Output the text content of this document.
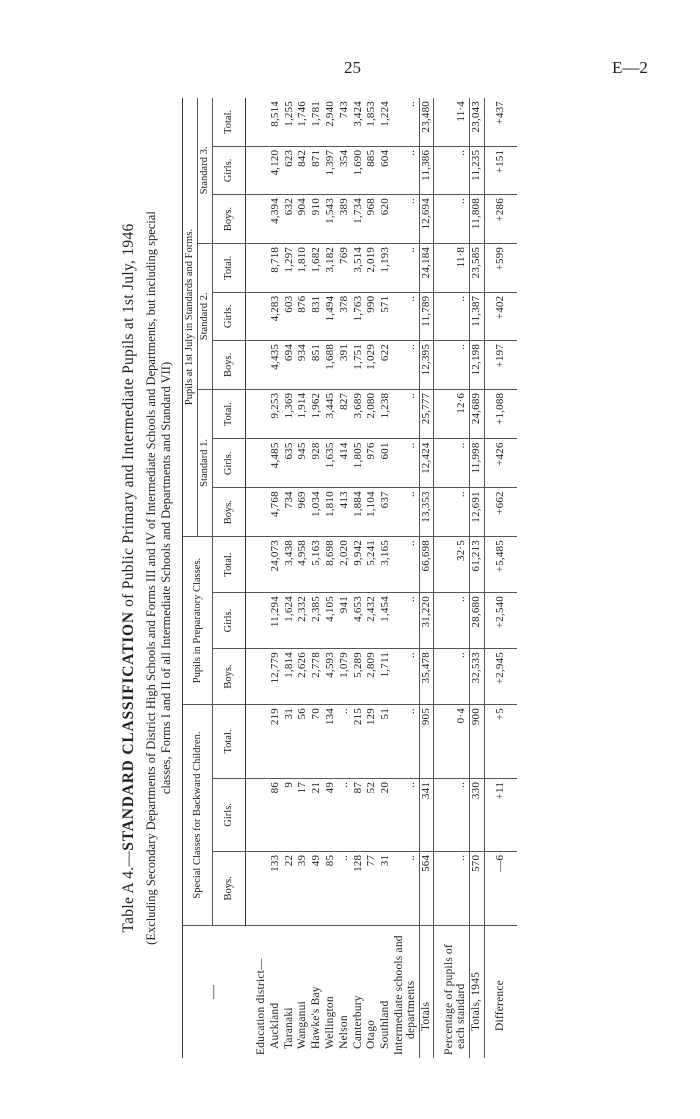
25	E—2
Table A 4.—STANDARD CLASSIFICATION of Public Primary and Intermediate Pupils at 1st July, 1946 (Excluding Secondary Departments of District High Schools and Forms III and IV of Intermediate Schools and Departments, but including special classes, Forms I and II of all Intermediate Schools and Departments and Standard VII)
—	Special Classes for Backward Children.			Pupils in Preparatory Classes.			Pupils at 1st July in Standards and Forms.								
							Standard 1.			Standard 2.			Standard 3.		
	Boys.	Girls.	Total.	Boys.	Girls.	Total.	Boys.	Girls.	Total.	Boys.	Girls.	Total.	Boys.	Girls.	Total.

Education district—															

Auckland	133	86	219	12,779	11,294	24,073	4,768	4,485	9,253	4,435	4,283	8,718	4,394	4,120	8,514

Taranaki	22	9	31	1,814	1,624	3,438	734	635	1,369	694	603	1,297	632	623	1,255

Wanganui	39	17	56	2,626	2,332	4,958	969	945	1,914	934	876	1,810	904	842	1,746

Hawke's Bay	49	21	70	2,778	2,385	5,163	1,034	928	1,962	851	831	1,682	910	871	1,781

Wellington	85	49	134	4,593	4,105	8,698	1,810	1,635	3,445	1,688	1,494	3,182	1,543	1,397	2,940

Nelson	..	..	..	1,079	941	2,020	413	414	827	391	378	769	389	354	743

Canterbury	128	87	215	5,289	4,653	9,942	1,884	1,805	3,689	1,751	1,763	3,514	1,734	1,690	3,424

Otago	77	52	129	2,809	2,432	5,241	1,104	976	2,080	1,029	990	2,019	968	885	1,853

Southland	31	20	51	1,711	1,454	3,165	637	601	1,238	622	571	1,193	620	604	1,224

Intermediate schools and departments	..	..	..	..	..	..	..	..	..	..	..	..	..	..	..

Totals	564	341	905	35,478	31,220	66,698	13,353	12,424	25,777	12,395	11,789	24,184	12,694	11,386	23,480

Percentage of pupils of each standard	..	..	0·4	..	..	32·5	..	..	12·6	..	..	11·8	..	..	11·4

Totals, 1945	570	330	900	32,533	28,680	61,213	12,691	11,998	24,689	12,198	11,387	23,585	11,808	11,235	23,043

Difference	—6	+11	+5	+2,945	+2,540	+5,485	+662	+426	+1,088	+197	+402	+599	+286	+151	+437
